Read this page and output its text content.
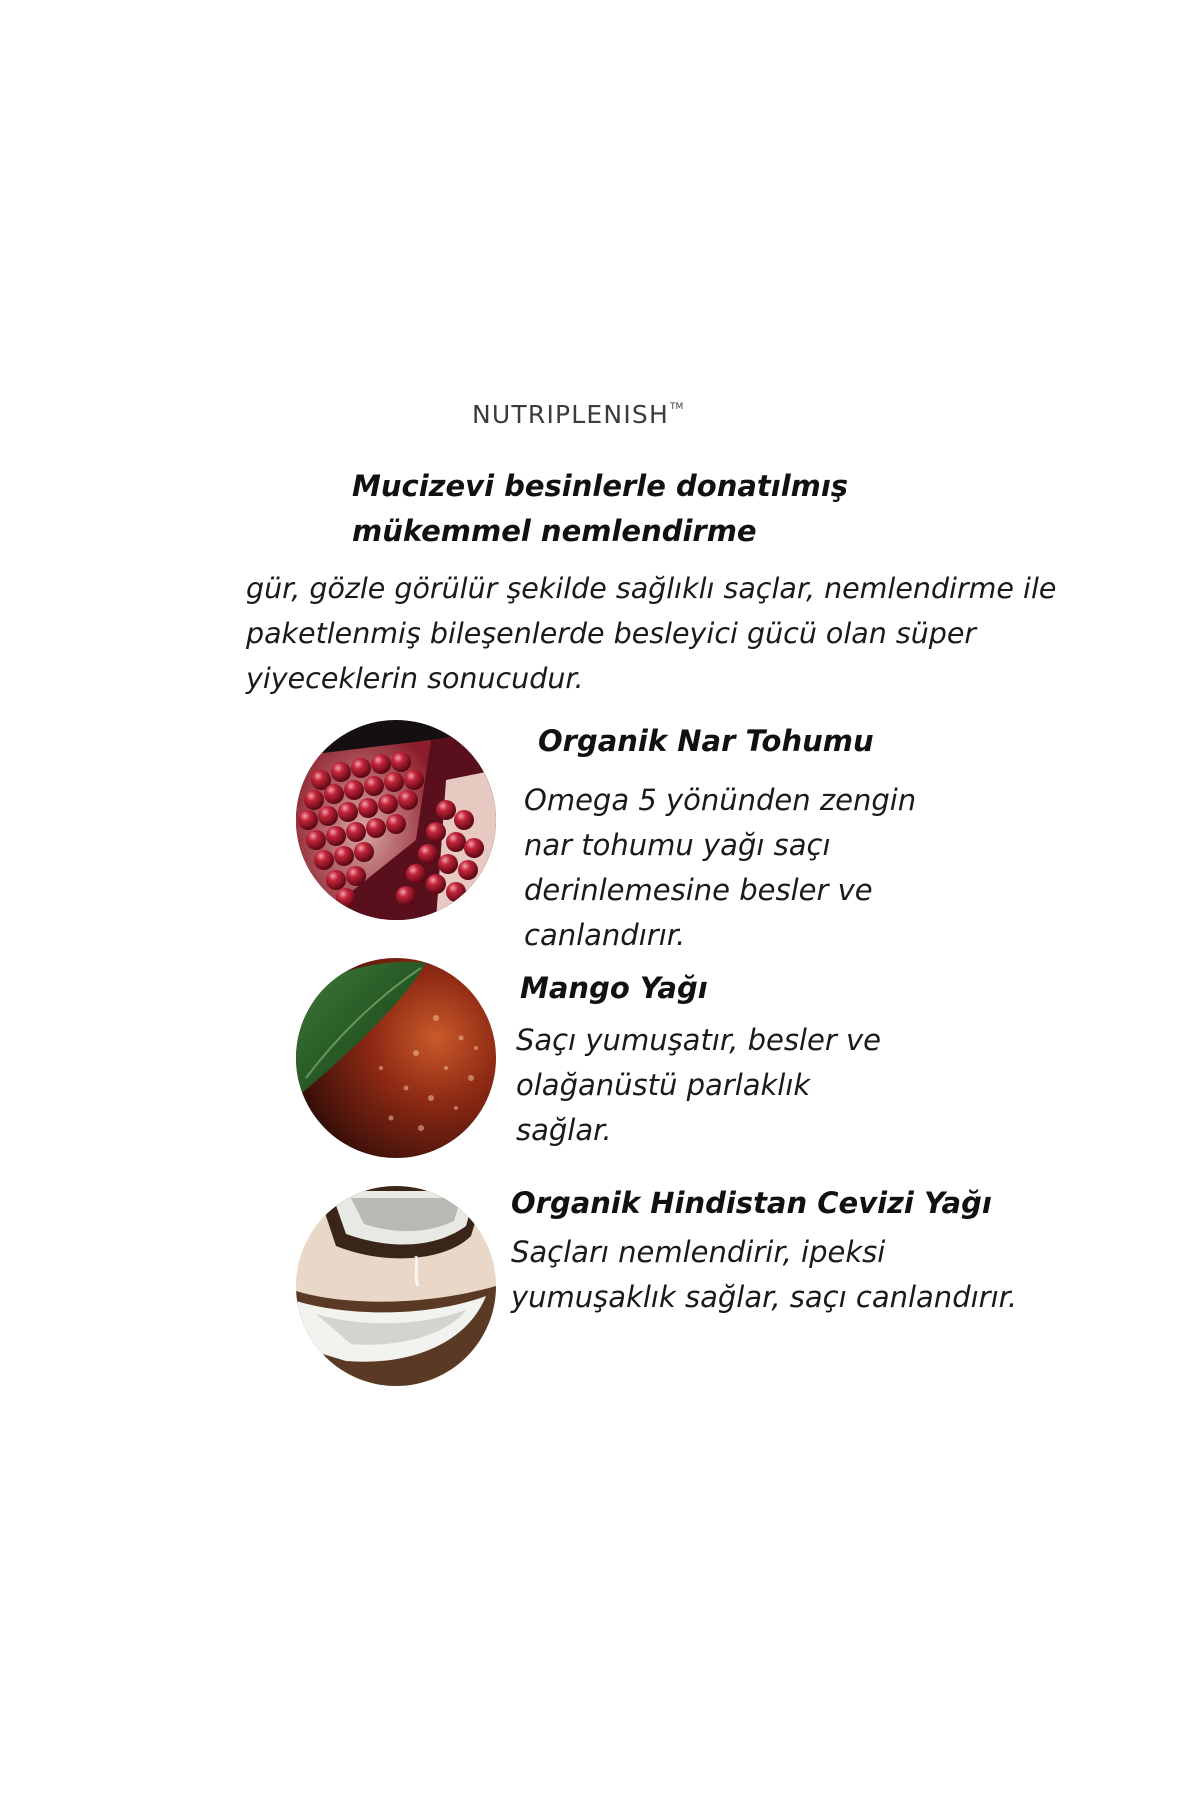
NUTRIPLENISH™
Mucizevi besinlerle donatılmış
mükemmel nemlendirme

gür, gözle görülür şekilde sağlıklı saçlar, nemlendirme ile
paketlenmiş bileşenlerde besleyici gücü olan süper
yiyeceklerin sonucudur.

Organik Nar Tohumu

Omega 5 yönünden zengin
nar tohumu yağı saçı
derinlemesine besler ve
canlandırır.

Mango Yağı

Saçı yumuşatır, besler ve
olağanüstü parlaklık
sağlar.

Organik Hindistan Cevizi Yağı

Saçları nemlendirir, ipeksi
yumuşaklık sağlar, saçı canlandırır.
